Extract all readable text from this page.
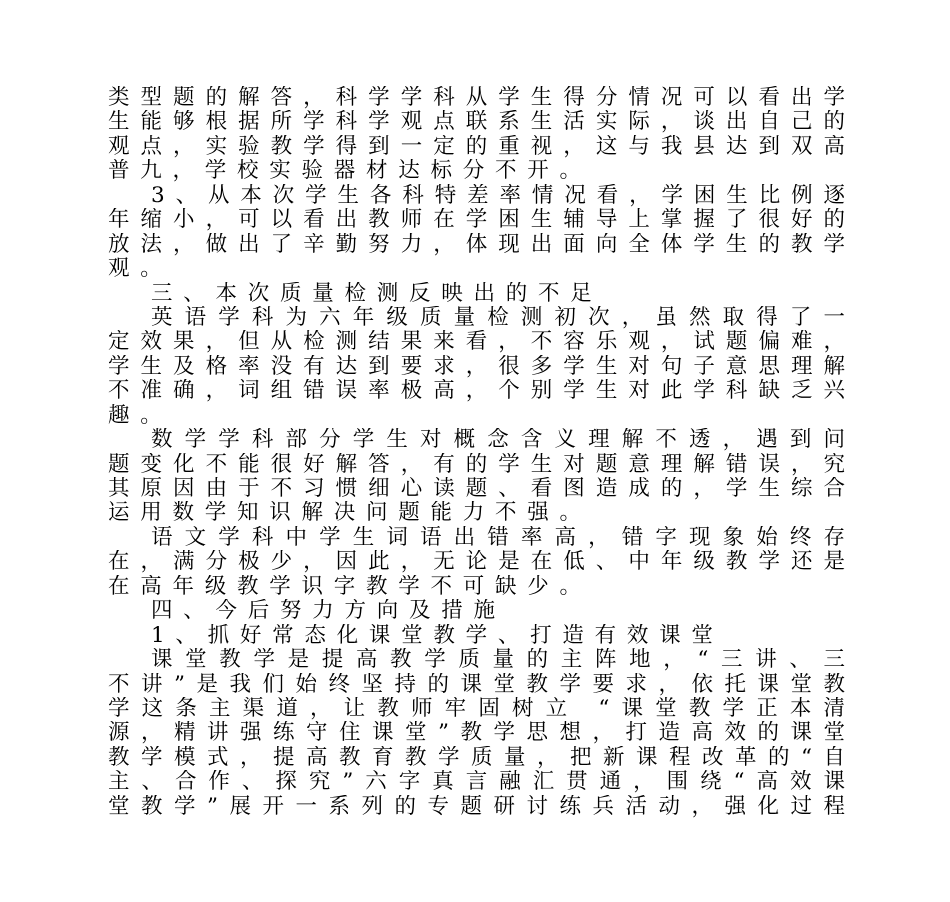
类型题的解答，科学学科从学生得分情况可以看出学
生能够根据所学科学观点联系生活实际，谈出自己的
观点，实验教学得到一定的重视，这与我县达到双高
普九，学校实验器材达标分不开。
3、从本次学生各科特差率情况看，学困生比例逐
年缩小，可以看出教师在学困生辅导上掌握了很好的
放法，做出了辛勤努力，体现出面向全体学生的教学
观。
三、本次质量检测反映出的不足
英语学科为六年级质量检测初次，虽然取得了一
定效果，但从检测结果来看，不容乐观，试题偏难，
学生及格率没有达到要求，很多学生对句子意思理解
不准确，词组错误率极高，个别学生对此学科缺乏兴
趣。
数学学科部分学生对概念含义理解不透，遇到问
题变化不能很好解答，有的学生对题意理解错误，究
其原因由于不习惯细心读题、看图造成的，学生综合
运用数学知识解决问题能力不强。
语文学科中学生词语出错率高，错字现象始终存
在，满分极少，因此，无论是在低、中年级教学还是
在高年级教学识字教学不可缺少。
四、今后努力方向及措施
1、抓好常态化课堂教学、打造有效课堂
课堂教学是提高教学质量的主阵地，“三讲、三
不讲”是我们始终坚持的课堂教学要求，依托课堂教
学这条主渠道，让教师牢固树立 “课堂教学正本清
源，精讲强练守住课堂”教学思想，打造高效的课堂
教学模式，提高教育教学质量，把新课程改革的“自
主、合作、探究”六字真言融汇贯通，围绕“高效课
堂教学”展开一系列的专题研讨练兵活动，强化过程
